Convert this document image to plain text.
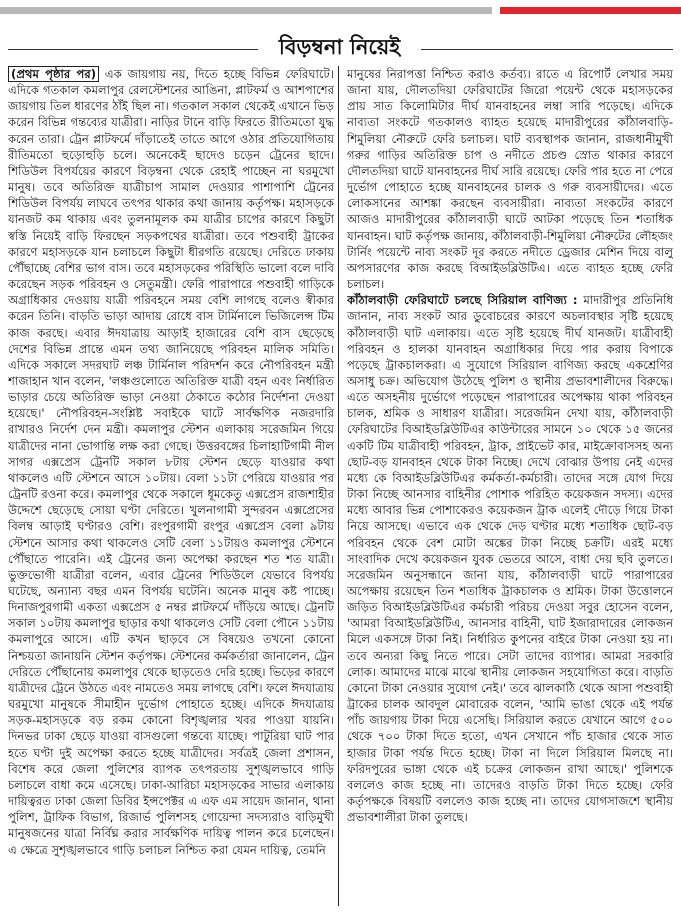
বিড়ম্বনা নিয়েই

(প্রথম পৃষ্ঠার পর) এক জায়গায় নয়, দিতে হচ্ছে বিভিন্ন ফেরিঘাটে। এদিকে গতকাল কমলাপুর রেলস্টেশনের আঙিনা, প্লাটফর্ম ও আশপাশের জায়গায় তিল ধারণের ঠাঁই ছিল না। গতকাল সকাল থেকেই এখানে ভিড় করেন বিভিন্ন গন্তব্যের যাত্রীরা। নাড়ির টানে বাড়ি ফিরতে রীতিমতো যুদ্ধ করেন তারা। ট্রেন প্লাটফর্মে দাঁড়াতেই তাতে আগে ওঠার প্রতিযোগিতায় রীতিমতো হুড়োহুড়ি চলে। অনেকেই ছাদেও চড়েন ট্রেনের ছাদে। শিডিউল বিপর্যয়ের কারণে বিড়ম্বনা থেকে রেহাই পাচ্ছেন না ঘরমুখো মানুষ। তবে অতিরিক্ত যাত্রীচাপ সামাল দেওয়ার পাশাপাশি ট্রেনের শিডিউল বিপর্যয় লাঘবে তৎপর থাকার কথা জানায় কর্তৃপক্ষ। মহাসড়কে যানজট কম থাকায় এবং তুলনামূলক কম যাত্রীর চাপের কারণে কিছুটা স্বস্তি নিয়েই বাড়ি ফিরছেন সড়কপথের যাত্রীরা। তবে পশুবাহী ট্রাকের কারণে মহাসড়কে যান চলাচলে কিছুটা ধীরগতি রয়েছে। দেরিতে ঢাকায় পৌঁছাচ্ছে বেশির ভাগ বাস। তবে মহাসড়কের পরিস্থিতি ভালো বলে দাবি করেছেন সড়ক পরিবহন ও সেতুমন্ত্রী। ফেরি পারাপারে পশুবাহী গাড়িকে অগ্রাধিকার দেওয়ায় যাত্রী পরিবহনে সময় বেশি লাগছে বলেও স্বীকার করেন তিনি। বাড়তি ভাড়া আদায় রোধে বাস টার্মিনালে ভিজিলেন্স টিম কাজ করছে। এবার ঈদযাত্রায় আড়াই হাজারের বেশি বাস ছেড়েছে দেশের বিভিন্ন প্রান্তে এমন তথ্য জানিয়েছে পরিবহন মালিক সমিতি। এদিকে সকালে সদরঘাট লঞ্চ টার্মিনাল পরিদর্শন করে নৌপরিবহন মন্ত্রী শাজাহান খান বলেন, 'লঞ্চগুলোতে অতিরিক্ত যাত্রী বহন এবং নির্ধারিত ভাড়ার চেয়ে অতিরিক্ত ভাড়া নেওয়া ঠেকাতে কঠোর নির্দেশনা দেওয়া হয়েছে।' নৌপরিবহন-সংশ্লিষ্ট সবাইকে ঘাটে সার্বক্ষণিক নজরদারি রাখারও নির্দেশ দেন মন্ত্রী। কমলাপুর স্টেশন এলাকায় সরেজমিন গিয়ে যাত্রীদের নানা ভোগান্তি লক্ষ করা গেছে। উত্তরবঙ্গের চিলাহাটিগামী নীল সাগর এক্সপ্রেস ট্রেনটি সকাল ৮টায় স্টেশন ছেড়ে যাওয়ার কথা থাকলেও এটি স্টেশনে আসে ১০টায়। বেলা ১১টা পেরিয়ে যাওয়ার পর ট্রেনটি রওনা করে। কমলাপুর থেকে সকালে ধূমকেতু এক্সপ্রেস রাজশাহীর উদ্দেশে ছেড়েছে সোয়া ঘণ্টা দেরিতে। খুলনাগামী সুন্দরবন এক্সপ্রেসের বিলম্ব আড়াই ঘণ্টারও বেশি। রংপুরগামী রংপুর এক্সপ্রেস বেলা ৯টায় স্টেশনে আসার কথা থাকলেও সেটি বেলা ১১টায়ও কমলাপুর স্টেশনে পৌঁছাতে পারেনি। এই ট্রেনের জন্য অপেক্ষা করছেন শত শত যাত্রী। ভুক্তভোগী যাত্রীরা বলেন, এবার ট্রেনের শিডিউলে যেভাবে বিপর্যয় ঘটেছে, অন্যান্য বছর এমন বিপর্যয় ঘটেনি। অনেক মানুষ কষ্ট পাচ্ছে। দিনাজপুরগামী একতা এক্সপ্রেস ৫ নম্বর প্লাটফর্মে দাঁড়িয়ে আছে। ট্রেনটি সকাল ১০টায় কমলাপুর ছাড়ার কথা থাকলেও সেটি বেলা পৌনে ১১টায় কমলাপুরে আসে। এটি কখন ছাড়বে সে বিষয়েও তখনো কোনো নিশ্চয়তা জানায়নি স্টেশন কর্তৃপক্ষ। স্টেশনের কর্মকর্তারা জানালেন, ট্রেন দেরিতে পৌঁছানোয় কমলাপুর থেকে ছাড়তেও দেরি হচ্ছে। ভিড়ের কারণে যাত্রীদের ট্রেনে উঠতে এবং নামতেও সময় লাগছে বেশি। ফলে ঈদযাত্রায় ঘরমুখো মানুষকে সীমাহীন দুর্ভোগ পোহাতে হচ্ছে। এদিকে ঈদযাত্রায় সড়ক-মহাসড়কে বড় রকম কোনো বিশৃঙ্খলার খবর পাওয়া যায়নি। দিনভর ঢাকা ছেড়ে যাওয়া বাসগুলো গন্তব্যে যাচ্ছে। পাটুরিয়া ঘাট পার হতে ঘণ্টা দুই অপেক্ষা করতে হচ্ছে যাত্রীদের। সর্বত্রই জেলা প্রশাসন, বিশেষ করে জেলা পুলিশের ব্যাপক তৎপরতায় সুশৃঙ্খলভাবে গাড়ি চলাচলে বাধা কমে এসেছে। ঢাকা-আরিচা মহাসড়কের সাভার এলাকায় দায়িত্বরত ঢাকা জেলা ডিবির ইন্সপেক্টর এ এফ এম সায়েদ জানান, থানা পুলিশ, ট্রাফিক বিভাগ, রিজার্ভ পুলিশসহ গোয়েন্দা সদস্যরাও বাড়িমুখী মানুষজনের যাত্রা নির্বিঘ্ন করার সার্বক্ষণিক দায়িত্ব পালন করে চলেছেন। এ ক্ষেত্রে সুশৃঙ্খলভাবে গাড়ি চলাচল নিশ্চিত করা যেমন দায়িত্ব, তেমনি

মানুষের নিরাপত্তা নিশ্চিত করাও কর্তব্য। রাতে এ রিপোর্ট লেখার সময় জানা যায়, দৌলতদিয়া ফেরিঘাটের জিরো পয়েন্ট থেকে মহাসড়কের প্রায় সাত কিলোমিটার দীর্ঘ যানবাহনের লম্বা সারি পড়েছে। এদিকে নাব্যতা সংকটে গতকালও ব্যাহত হয়েছে মাদারীপুরের কাঁঠালবাড়ি-শিমুলিয়া নৌরুটে ফেরি চলাচল। ঘাট ব্যবস্থাপক জানান, রাজধানীমুখী গরুর গাড়ির অতিরিক্ত চাপ ও নদীতে প্রচণ্ড স্রোত থাকার কারণে দৌলতদিয়া ঘাটে যানবাহনের দীর্ঘ সারি রয়েছে। ফেরি পার হতে না পেরে দুর্ভোগ পোহাতে হচ্ছে যানবাহনের চালক ও গরু ব্যবসায়ীদের। এতে লোকসানের আশঙ্কা করছেন ব্যবসায়ীরা। নাব্যতা সংকটের কারণে আজও মাদারীপুরের কাঁঠালবাড়ী ঘাটে আটকা পড়েছে তিন শতাধিক যানবাহন। ঘাট কর্তৃপক্ষ জানায়, কাঁঠালবাড়ী-শিমুলিয়া নৌরুটের লৌহজং টার্নিং পয়েন্টে নাব্য সংকট দূর করতে নদীতে ড্রেজার মেশিন দিয়ে বালু অপসারণের কাজ করছে বিআইডব্লিউটিএ। এতে ব্যাহত হচ্ছে ফেরি চলাচল।

কাঁঠালবাড়ী ফেরিঘাটে চলছে সিরিয়াল বাণিজ্য : মাদারীপুর প্রতিনিধি জানান, নাব্য সংকট আর ডুবোচরের কারণে অচলাবস্থার সৃষ্টি হয়েছে কাঁঠালবাড়ী ঘাট এলাকায়। এতে সৃষ্টি হয়েছে দীর্ঘ যানজট। যাত্রীবাহী পরিবহন ও হালকা যানবাহন অগ্রাধিকার দিয়ে পার করায় বিপাকে পড়েছে ট্রাকচালকরা। এ সুযোগে সিরিয়াল বাণিজ্য করছে একশ্রেণির অসাধু চক্র। অভিযোগ উঠেছে পুলিশ ও স্থানীয় প্রভাবশালীদের বিরুদ্ধে। এতে অসহনীয় দুর্ভোগে পড়েছেন পারাপারের অপেক্ষায় থাকা পরিবহন চালক, শ্রমিক ও সাধারণ যাত্রীরা। সরেজমিন দেখা যায়, কাঁঠালবাড়ী ফেরিঘাটের বিআইডব্লিউটিএর কাউন্টারের সামনে ১০ থেকে ১৫ জনের একটি টিম যাত্রীবাহী পরিবহন, ট্রাক, প্রাইভেট কার, মাইক্রোবাসসহ অন্য ছোট-বড় যানবাহন থেকে টাকা নিচ্ছে। দেখে বোঝার উপায় নেই এদের মধ্যে কে বিআইডব্লিউটিএর কর্মকর্তা-কর্মচারী। তাদের সঙ্গে যোগ দিয়ে টাকা নিচ্ছে আনসার বাহিনীর পোশাক পরিহিত কয়েকজন সদস্য। এদের মধ্যে আবার ভিন্ন পোশাকেরও কয়েকজন ট্রাক এলেই দৌড়ে গিয়ে টাকা নিয়ে আসছে। এভাবে এক থেকে দেড় ঘণ্টার মধ্যে শতাধিক ছোট-বড় পরিবহন থেকে বেশ মোটা অঙ্কের টাকা নিচ্ছে চক্রটি। এরই মধ্যে সাংবাদিক দেখে কয়েকজন যুবক ভেতরে আসে, বাধা দেয় ছবি তুলতে। সরেজমিন অনুসন্ধানে জানা যায়, কাঁঠালবাড়ী ঘাটে পারাপারের অপেক্ষায় রয়েছেন তিন শতাধিক ট্রাকচালক ও শ্রমিক। টাকা উত্তোলনে জড়িত বিআইডব্লিউটিএর কর্মচারী পরিচয় দেওয়া সবুর হোসেন বলেন, 'আমরা বিআইডব্লিউটিএ, আনসার বাহিনী, ঘাট ইজারাদারের লোকজন মিলে একসঙ্গে টাকা নিই। নির্ধারিত কুপনের বাইরে টাকা নেওয়া হয় না। তবে অন্যরা কিছু নিতে পারে। সেটা তাদের ব্যাপার। আমরা সরকারি লোক। আমাদের মাঝে মাঝে স্থানীয় লোকজন সহযোগিতা করে। বাড়তি কোনো টাকা নেওয়ার সুযোগ নেই।' তবে ঝালকাঠি থেকে আসা পশুবাহী ট্রাকের চালক আবদুল মোবারেক বলেন, 'আমি ভাঙা থেকে এই পর্যন্ত পাঁচ জায়গায় টাকা দিয়ে এসেছি। সিরিয়াল করতে যেখানে আগে ৫০০ থেকে ৭০০ টাকা দিতে হতো, এখন সেখানে পাঁচ হাজার থেকে সাত হাজার টাকা পর্যন্ত দিতে হচ্ছে। টাকা না দিলে সিরিয়াল মিলছে না। ফরিদপুরের ভাঙ্গা থেকে এই চক্রের লোকজন রাখা আছে।' পুলিশকে বললেও কাজ হচ্ছে না। তাদেরও বাড়তি টাকা দিতে হচ্ছে। ফেরি কর্তৃপক্ষকে বিষয়টি বললেও কাজ হচ্ছে না। তাদের যোগসাজশে স্থানীয় প্রভাবশালীরা টাকা তুলছে।
